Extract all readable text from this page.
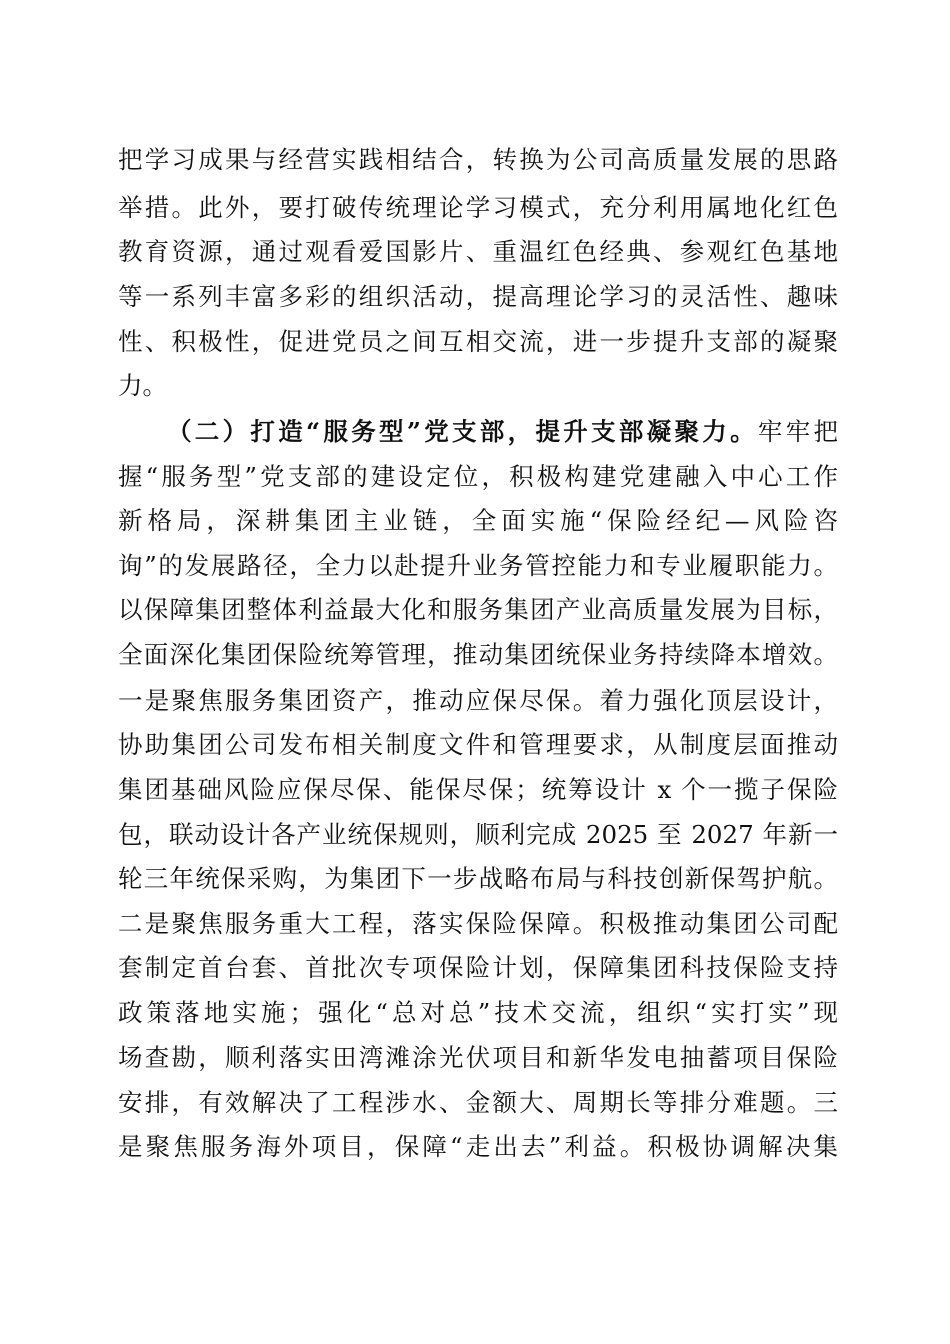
把学习成果与经营实践相结合，转换为公司高质量发展的思路
举措。此外，要打破传统理论学习模式，充分利用属地化红色
教育资源，通过观看爱国影片、重温红色经典、参观红色基地
等一系列丰富多彩的组织活动，提高理论学习的灵活性、趣味
性、积极性，促进党员之间互相交流，进一步提升支部的凝聚
力。
（二）打造“服务型”党支部，提升支部凝聚力。牢牢把
握“服务型”党支部的建设定位，积极构建党建融入中心工作
新格局，深耕集团主业链，全面实施“保险经纪—风险咨
询”的发展路径，全力以赴提升业务管控能力和专业履职能力。
以保障集团整体利益最大化和服务集团产业高质量发展为目标，
全面深化集团保险统筹管理，推动集团统保业务持续降本增效。
一是聚焦服务集团资产，推动应保尽保。着力强化顶层设计，
协助集团公司发布相关制度文件和管理要求，从制度层面推动
集团基础风险应保尽保、能保尽保；统筹设计 x 个一揽子保险
包，联动设计各产业统保规则，顺利完成 2025 至 2027 年新一
轮三年统保采购，为集团下一步战略布局与科技创新保驾护航。
二是聚焦服务重大工程，落实保险保障。积极推动集团公司配
套制定首台套、首批次专项保险计划，保障集团科技保险支持
政策落地实施；强化“总对总”技术交流，组织“实打实”现
场查勘，顺利落实田湾滩涂光伏项目和新华发电抽蓄项目保险
安排，有效解决了工程涉水、金额大、周期长等排分难题。三
是聚焦服务海外项目，保障“走出去”利益。积极协调解决集
